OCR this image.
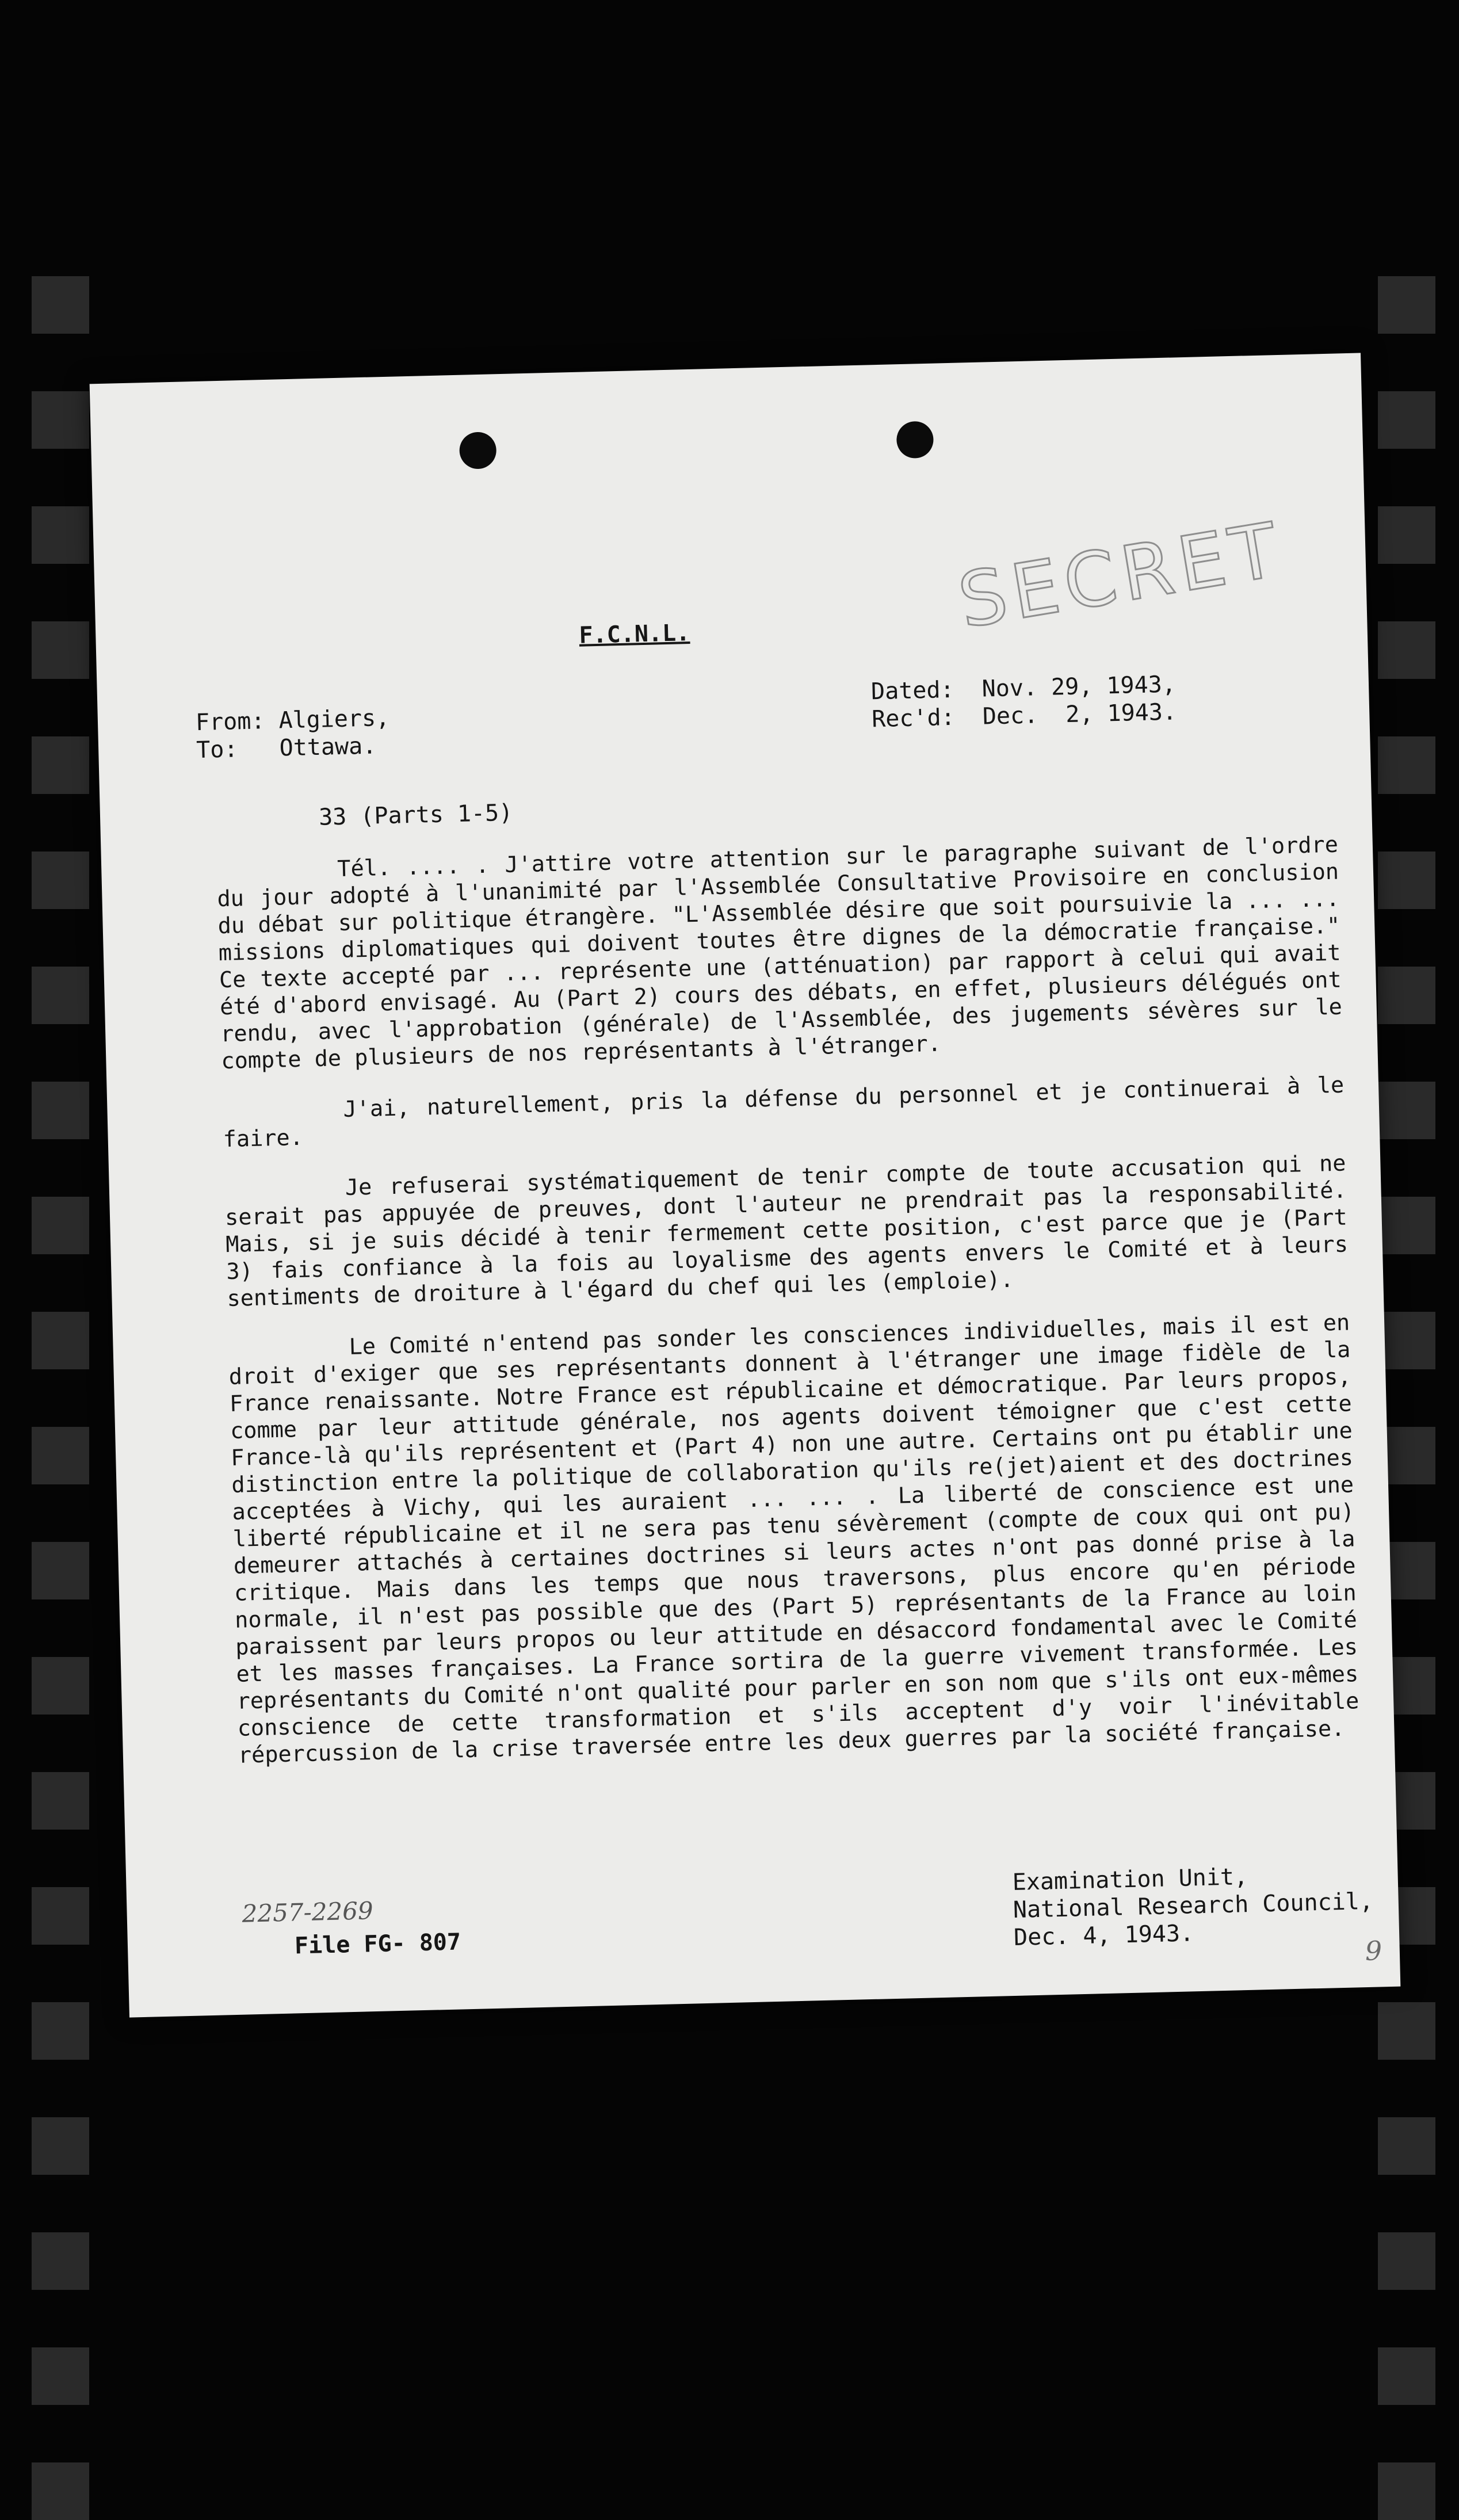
SECRET
F.C.N.L.
From: Algiers,
To: Ottawa.
Dated: Nov. 29, 1943,
Rec'd: Dec.  2, 1943.
33 (Parts 1-5)

Tél. .... . J'attire votre attention sur le paragraphe suivant de l'ordre du jour adopté à l'unanimité par l'Assemblée Consultative Provisoire en conclusion du débat sur politique étrangère. "L'Assemblée désire que soit poursuivie la ... ... missions diplomatiques qui doivent toutes être dignes de la démocratie française." Ce texte accepté par ... représente une (atténuation) par rapport à celui qui avait été d'abord envisagé. Au (Part 2) cours des débats, en effet, plusieurs délégués ont rendu, avec l'approbation (générale) de l'Assemblée, des jugements sévères sur le compte de plusieurs de nos représentants à l'étranger.

J'ai, naturellement, pris la défense du personnel et je continuerai à le faire.

Je refuserai systématiquement de tenir compte de toute accusation qui ne serait pas appuyée de preuves, dont l'auteur ne prendrait pas la responsabilité. Mais, si je suis décidé à tenir fermement cette position, c'est parce que je (Part 3) fais confiance à la fois au loyalisme des agents envers le Comité et à leurs sentiments de droiture à l'égard du chef qui les (emploie).

Le Comité n'entend pas sonder les consciences individuelles, mais il est en droit d'exiger que ses représentants donnent à l'étranger une image fidèle de la France renaissante. Notre France est républicaine et démocratique. Par leurs propos, comme par leur attitude générale, nos agents doivent témoigner que c'est cette France-là qu'ils représentent et (Part 4) non une autre. Certains ont pu établir une distinction entre la politique de collaboration qu'ils re(jet)aient et des doctrines acceptées à Vichy, qui les auraient ... ... . La liberté de conscience est une liberté républicaine et il ne sera pas tenu sévèrement (compte de coux qui ont pu) demeurer attachés à certaines doctrines si leurs actes n'ont pas donné prise à la critique. Mais dans les temps que nous traversons, plus encore qu'en période normale, il n'est pas possible que des (Part 5) représentants de la France au loin paraissent par leurs propos ou leur attitude en désaccord fondamental avec le Comité et les masses françaises. La France sortira de la guerre vivement transformée. Les représentants du Comité n'ont qualité pour parler en son nom que s'ils ont eux-mêmes conscience de cette transformation et s'ils acceptent d'y voir l'inévitable répercussion de la crise traversée entre les deux guerres par la société française.

Examination Unit,
National Research Council,
Dec. 4, 1943.
2257-2269
File FG- 807	9
